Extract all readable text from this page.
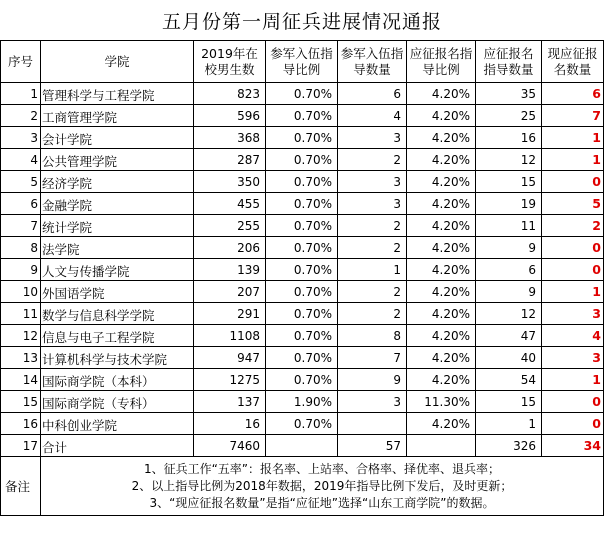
五月份第一周征兵进展情况通报
序号	学院	2019年在校男生数	参军入伍指导比例	参军入伍指导数量	应征报名指导比例	应征报名指导数量	现应征报名数量
1	管理科学与工程学院	823	0.70%	6	4.20%	35	6
2	工商管理学院	596	0.70%	4	4.20%	25	7
3	会计学院	368	0.70%	3	4.20%	16	1
4	公共管理学院	287	0.70%	2	4.20%	12	1
5	经济学院	350	0.70%	3	4.20%	15	0
6	金融学院	455	0.70%	3	4.20%	19	5
7	统计学院	255	0.70%	2	4.20%	11	2
8	法学院	206	0.70%	2	4.20%	9	0
9	人文与传播学院	139	0.70%	1	4.20%	6	0
10	外国语学院	207	0.70%	2	4.20%	9	1
11	数学与信息科学学院	291	0.70%	2	4.20%	12	3
12	信息与电子工程学院	1108	0.70%	8	4.20%	47	4
13	计算机科学与技术学院	947	0.70%	7	4.20%	40	3
14	国际商学院（本科）	1275	0.70%	9	4.20%	54	1
15	国际商学院（专科）	137	1.90%	3	11.30%	15	0
16	中科创业学院	16	0.70%		4.20%	1	0
17	合计	7460		57		326	34
备注	1、征兵工作“五率”：报名率、上站率、合格率、择优率、退兵率；
2、以上指导比例为2018年数据，2019年指导比例下发后，及时更新；
3、“现应征报名数量”是指“应征地”选择“山东工商学院”的数据。						
